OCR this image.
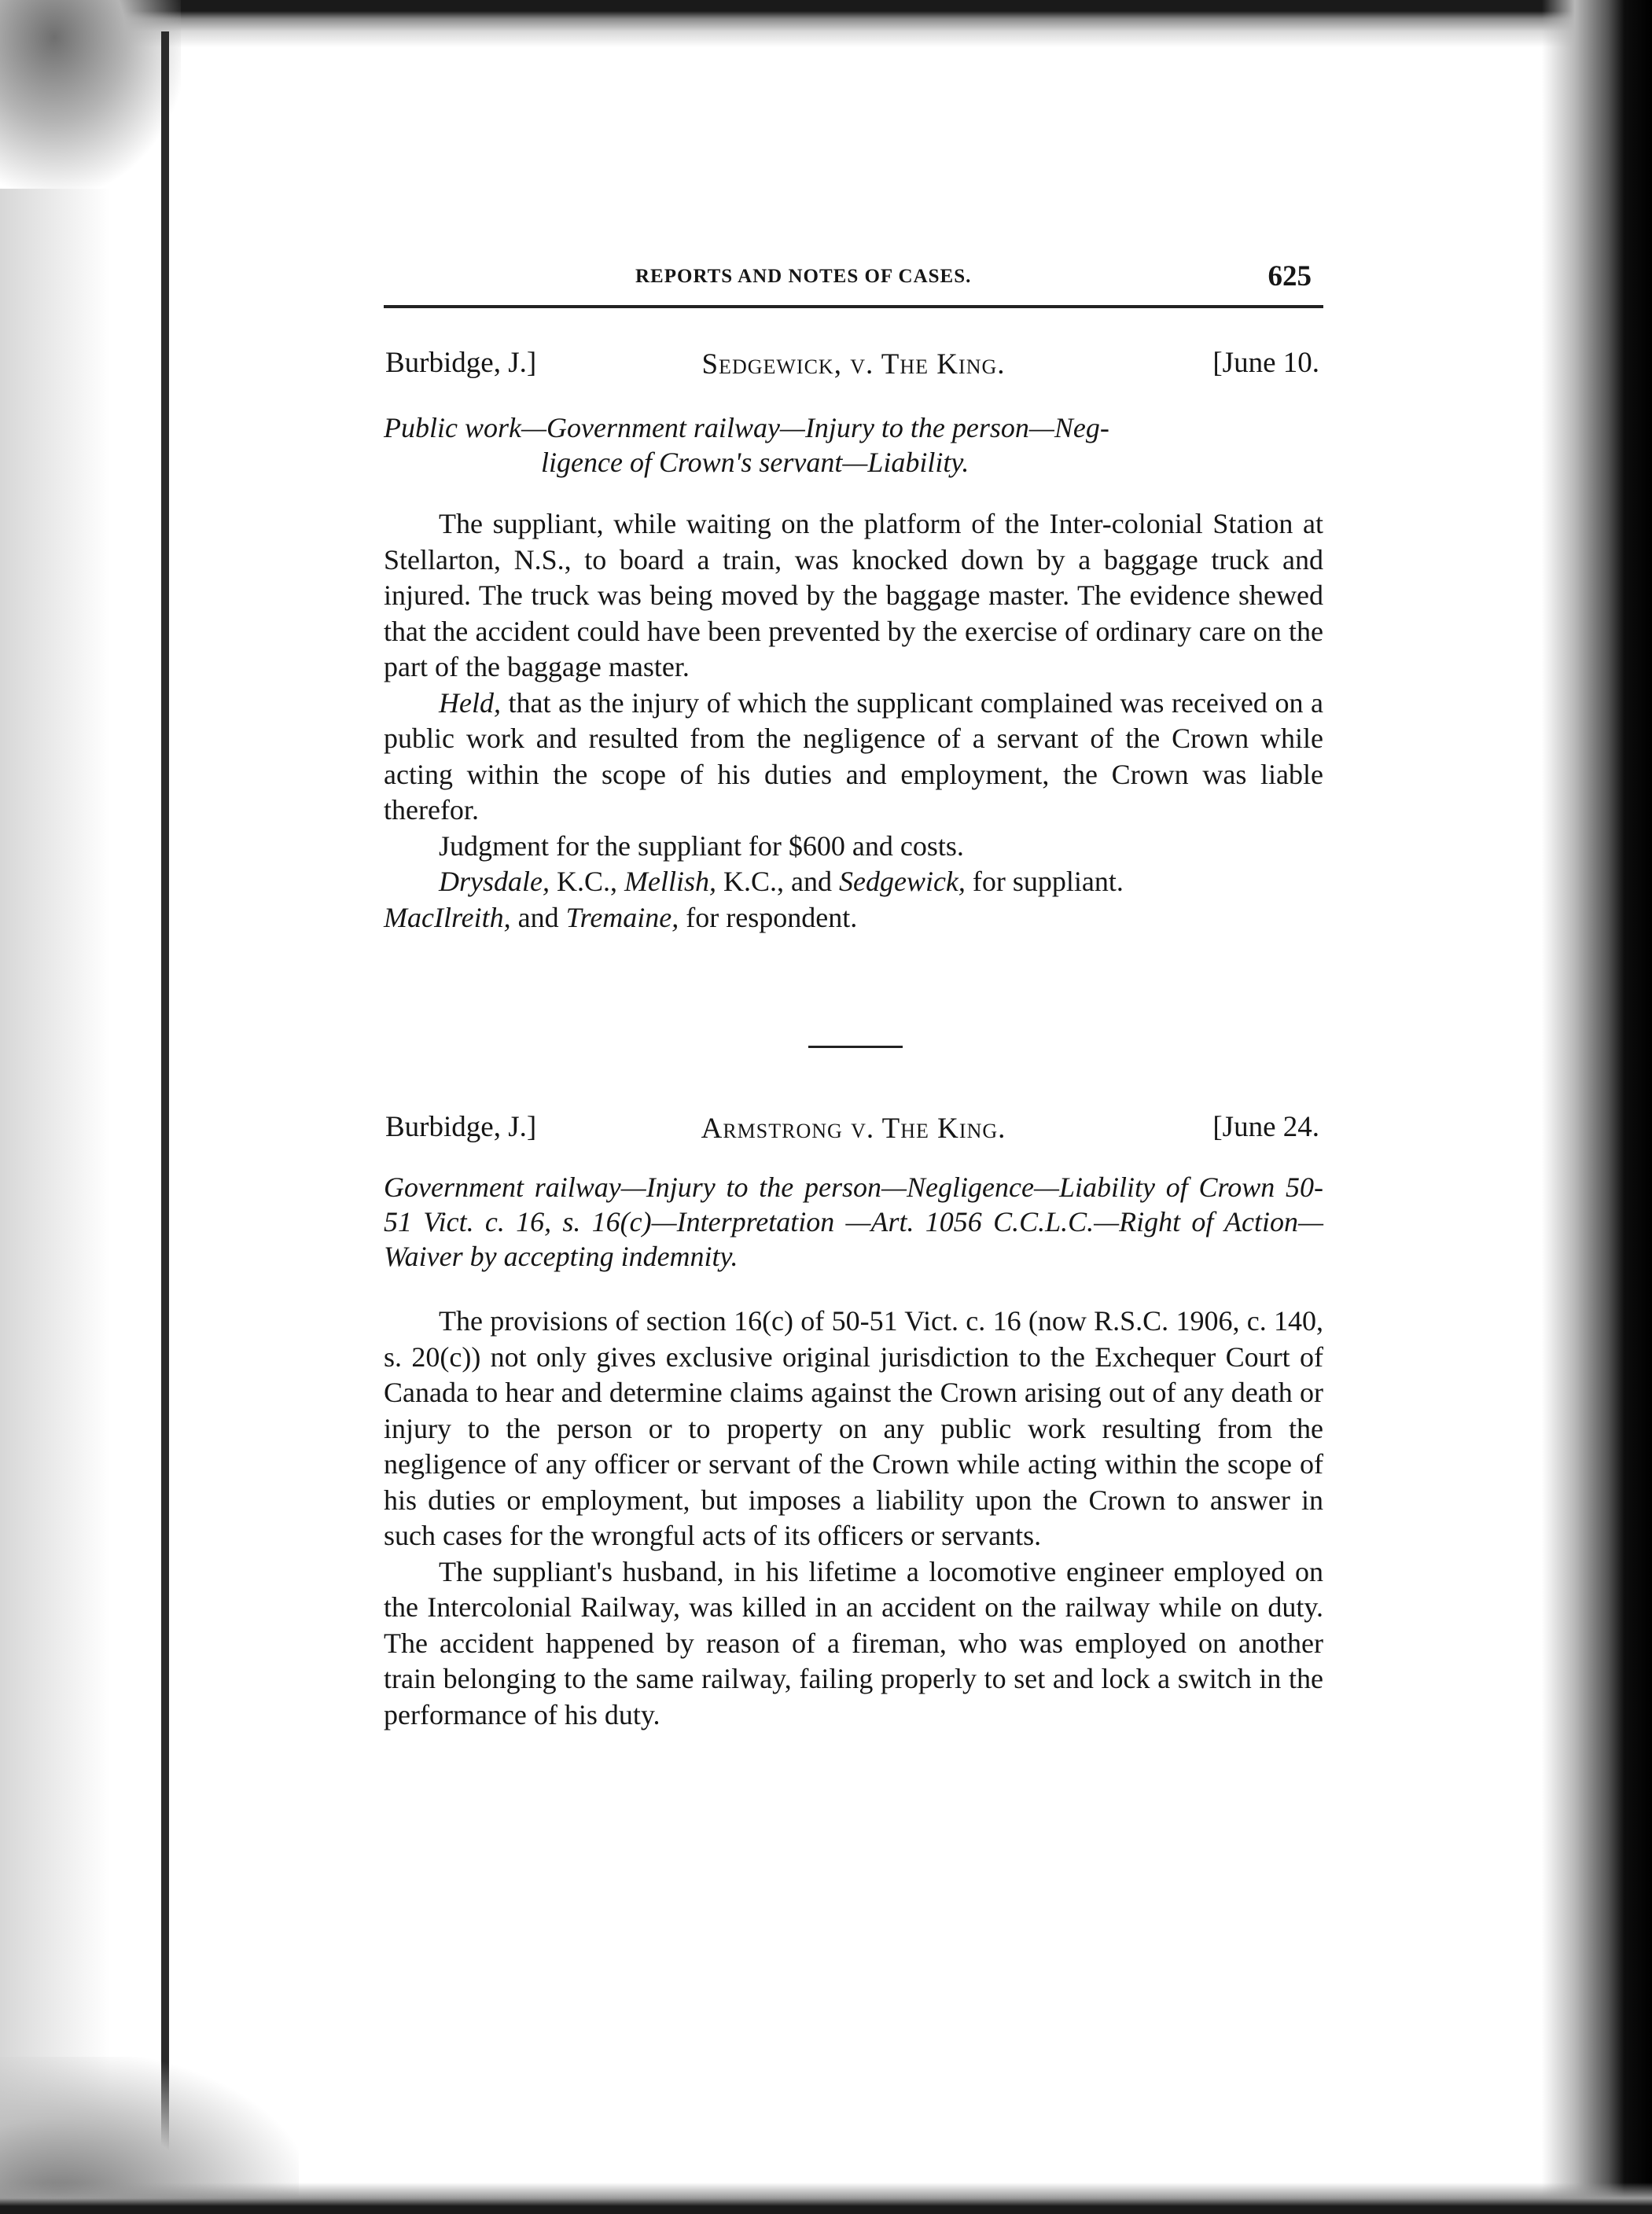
REPORTS AND NOTES OF CASES.	625
Burbidge, J.]	Sedgewick, v. The King.	[June 10.
Public work—Government railway—Injury to the person—Neg-
ligence of Crown's servant—Liability.

The suppliant, while waiting on the platform of the Inter-colonial Station at Stellarton, N.S., to board a train, was knocked down by a baggage truck and injured. The truck was being moved by the baggage master. The evidence shewed that the accident could have been prevented by the exercise of ordinary care on the part of the baggage master.

Held, that as the injury of which the supplicant complained was received on a public work and resulted from the negligence of a servant of the Crown while acting within the scope of his duties and employment, the Crown was liable therefor.

Judgment for the suppliant for $600 and costs.

Drysdale, K.C., Mellish, K.C., and Sedgewick, for suppliant.

MacIlreith, and Tremaine, for respondent.

Burbidge, J.]	Armstrong v. The King.	[June 24.
Government railway—Injury to the person—Negligence—Liability of Crown 50-51 Vict. c. 16, s. 16(c)—Interpretation —Art. 1056 C.C.L.C.—Right of Action—Waiver by accepting indemnity.

The provisions of section 16(c) of 50-51 Vict. c. 16 (now R.S.C. 1906, c. 140, s. 20(c)) not only gives exclusive original jurisdiction to the Exchequer Court of Canada to hear and determine claims against the Crown arising out of any death or injury to the person or to property on any public work resulting from the negligence of any officer or servant of the Crown while acting within the scope of his duties or employment, but imposes a liability upon the Crown to answer in such cases for the wrongful acts of its officers or servants.

The suppliant's husband, in his lifetime a locomotive engineer employed on the Intercolonial Railway, was killed in an accident on the railway while on duty. The accident happened by reason of a fireman, who was employed on another train belonging to the same railway, failing properly to set and lock a switch in the performance of his duty.
